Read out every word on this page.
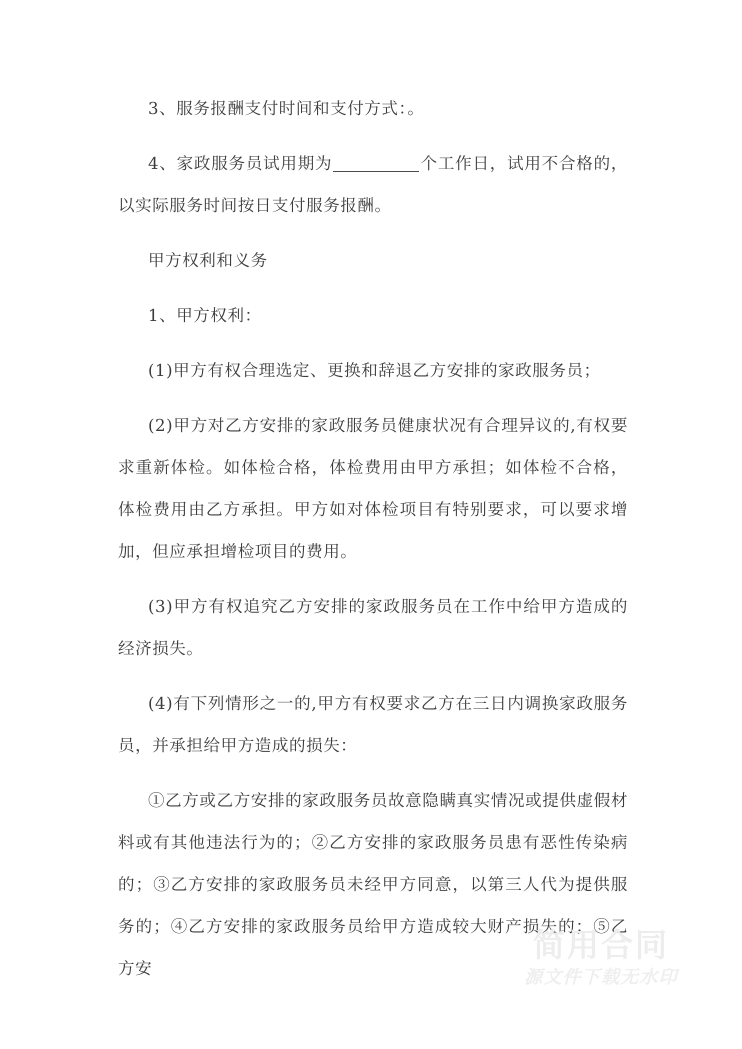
3、服务报酬支付时间和支付方式：。

4、家政服务员试用期为	个工作日，试用不合格的，以实际服务时间按日支付服务报酬。

甲方权利和义务

1、甲方权利：

(1)甲方有权合理选定、更换和辞退乙方安排的家政服务员；

(2)甲方对乙方安排的家政服务员健康状况有合理异议的,有权要求重新体检。如体检合格，体检费用由甲方承担；如体检不合格，体检费用由乙方承担。甲方如对体检项目有特别要求，可以要求增加，但应承担增检项目的费用。

(3)甲方有权追究乙方安排的家政服务员在工作中给甲方造成的经济损失。

(4)有下列情形之一的,甲方有权要求乙方在三日内调换家政服务员，并承担给甲方造成的损失：

①乙方或乙方安排的家政服务员故意隐瞒真实情况或提供虚假材料或有其他违法行为的；②乙方安排的家政服务员患有恶性传染病的；③乙方安排的家政服务员未经甲方同意，以第三人代为提供服务的；④乙方安排的家政服务员给甲方造成较大财产损失的；⑤乙方安

简用合同
源文件下载无水印
